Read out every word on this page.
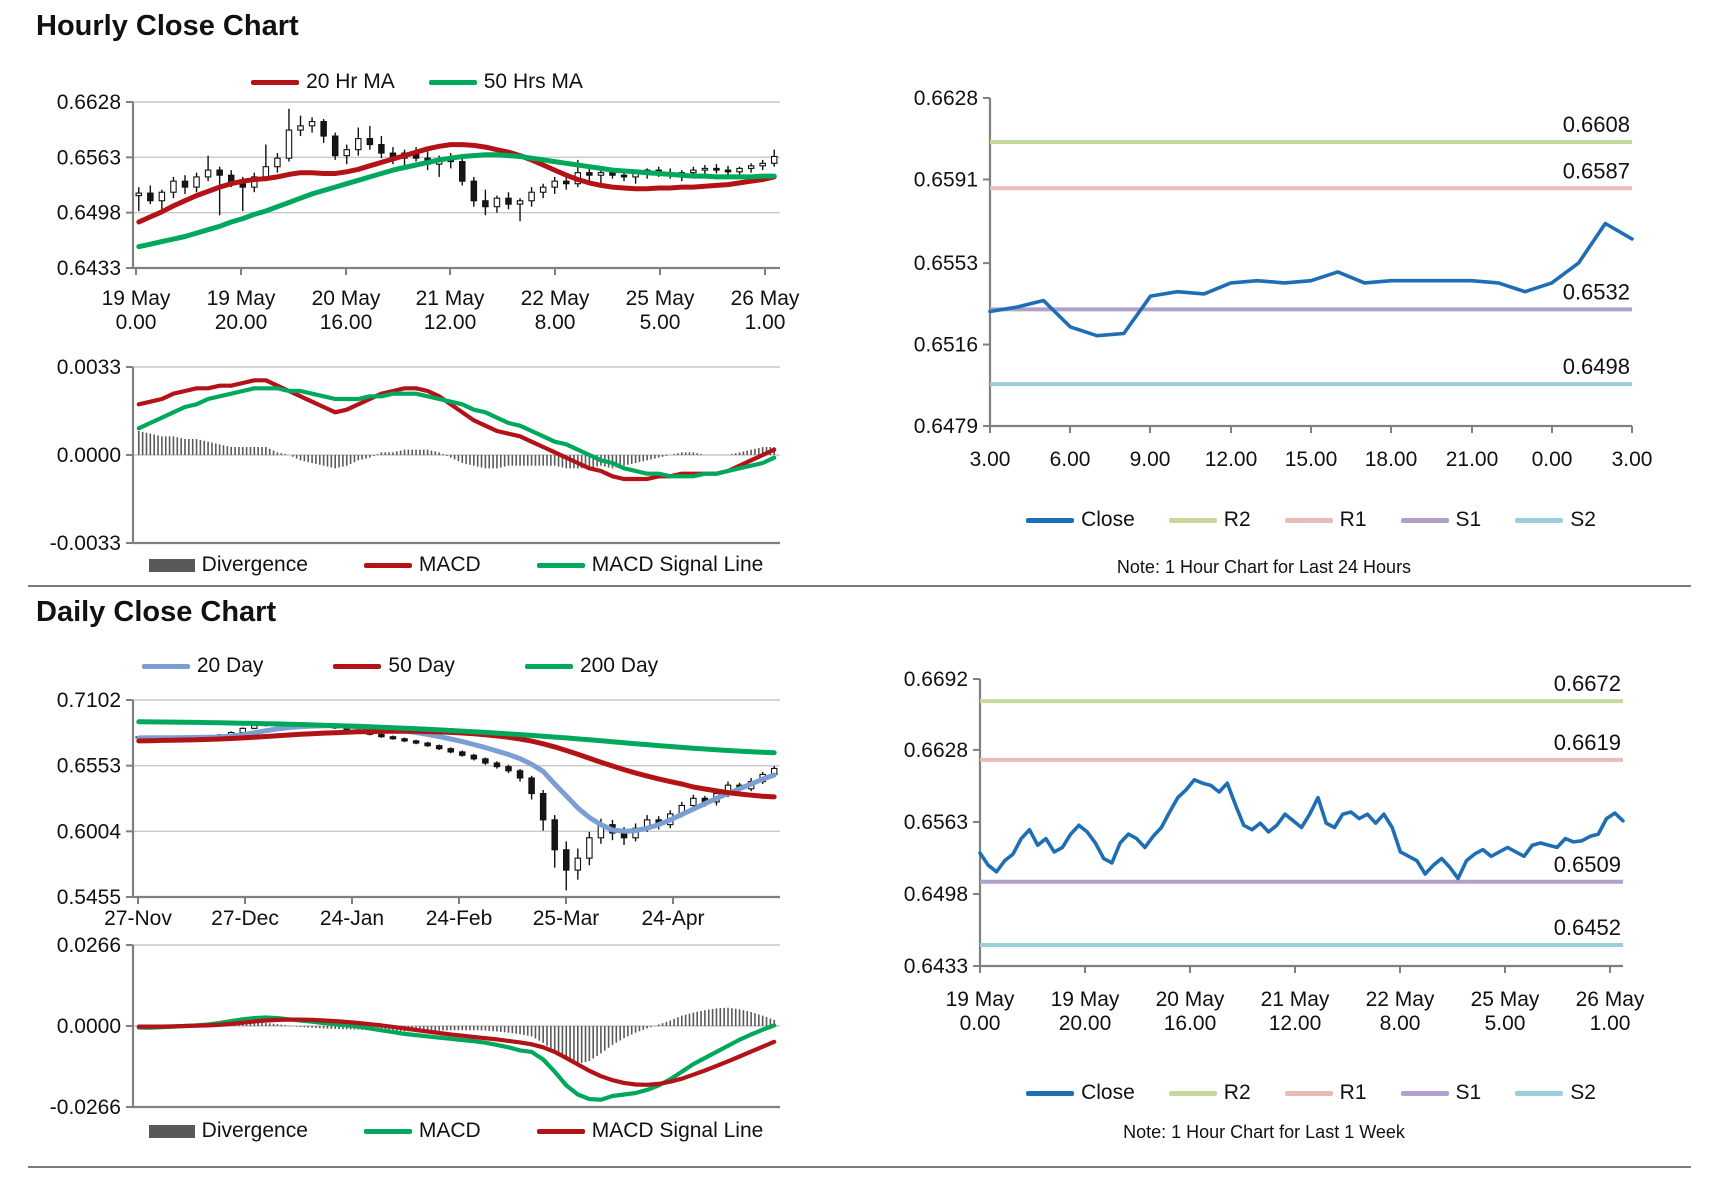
0.6628
0.6563
0.6498
0.6433
19 May
0.00
19 May
20.00
20 May
16.00
21 May
12.00
22 May
8.00
25 May
5.00
26 May
1.00
0.7102
0.6553
0.6004
0.5455
27-Nov 27-Dec 24-Jan 24-Feb 25-Mar 24-Apr
0.0033
0.0000
-0.0033
0.0266
0.0000
-0.0266
0.6628
0.6591
0.6553
0.6516
0.6479
3.00 6.00 9.00 12.00 15.00 18.00 21.00 0.00 3.00
0.6608
0.6587
0.6532
0.6498
0.6692
0.6628
0.6563
0.6498
0.6433
19 May
0.00
19 May
20.00
20 May
16.00
21 May
12.00
22 May
8.00
25 May
5.00
26 May
1.00
0.6672
0.6619
0.6509
0.6452
Hourly Close Chart
Daily Close Chart
20 Hr MA	50 Hrs MA
Divergence	MACD	MACD Signal Line
Close	R2	R1	S1	S2
Note: 1 Hour Chart for Last 24 Hours
20 Day	50 Day	200 Day
Divergence	MACD	MACD Signal Line
Close	R2	R1	S1	S2
Note: 1 Hour Chart for Last 1 Week
